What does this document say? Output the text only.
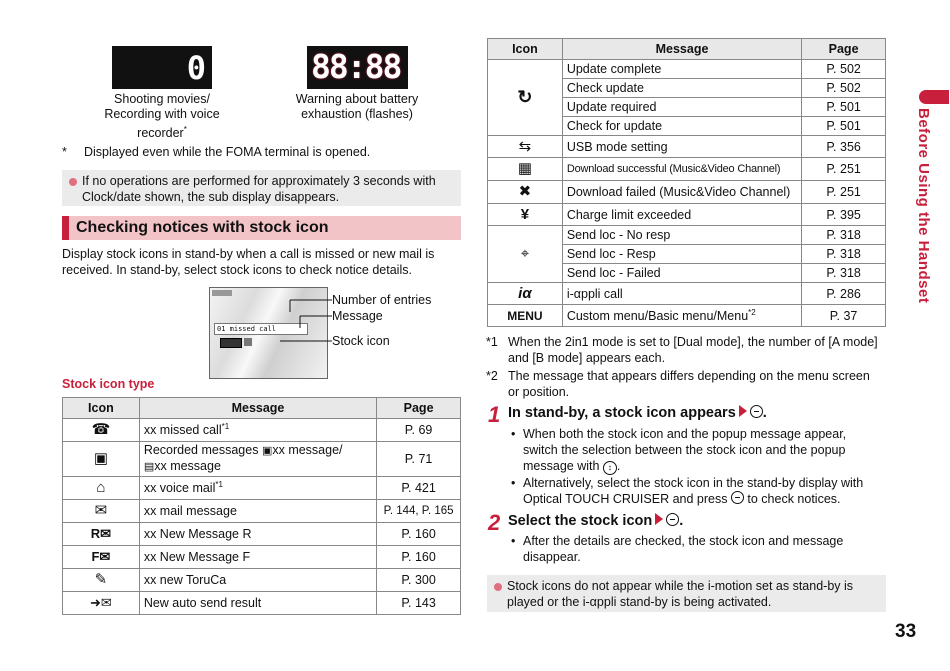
0
Shooting movies/
Recording with voice
recorder*
88:88
Warning about battery
exhaustion (flashes)
* Displayed even while the FOMA terminal is opened.
If no operations are performed for approximately 3 seconds with Clock/date shown, the sub display disappears.
Checking notices with stock icon
Display stock icons in stand-by when a call is missed or new mail is
received. In stand-by, select stock icons to check notice details.
01 missed call
Number of entries
Message
Stock icon
Stock icon type
Icon	Message	Page
☎	xx missed call$^{*1}$	P. 69
▣	Recorded messages ▣xx message/
▤xx message	P. 71
⌂	xx voice mail$^{*1}$	P. 421
✉	xx mail message	P. 144, P. 165
R✉	xx New Message R	P. 160
F✉	xx New Message F	P. 160
✎	xx new ToruCa	P. 300
➜✉	New auto send result	P. 143
Icon	Message	Page
↻	Update complete	P. 502
	Check update	P. 502
	Update required	P. 501
	Check for update	P. 501
⇆	USB mode setting	P. 356
▦	Download successful (Music&Video Channel)	P. 251
✖	Download failed (Music&Video Channel)	P. 251
¥	Charge limit exceeded	P. 395
⌖	Send loc - No resp	P. 318
	Send loc - Resp	P. 318
	Send loc - Failed	P. 318
iα	i-αppli call	P. 286
MENU	Custom menu/Basic menu/Menu$^{*2}$	P. 37
*1 When the 2in1 mode is set to [Dual mode], the number of [A mode]
and [B mode] appears each.
*2 The message that appears differs depending on the menu screen
or position.
1 In stand-by, a stock icon appears .
• When both the stock icon and the popup message appear,
switch the selection between the stock icon and the popup
message with ↕ .
• Alternatively, select the stock icon in the stand-by display with
Optical TOUCH CRUISER and press  to check notices.
2 Select the stock icon .
• After the details are checked, the stock icon and message
disappear.
Stock icons do not appear while the i-motion set as stand-by is played or the i-αppli stand-by is being activated.
Before Using the Handset
33
